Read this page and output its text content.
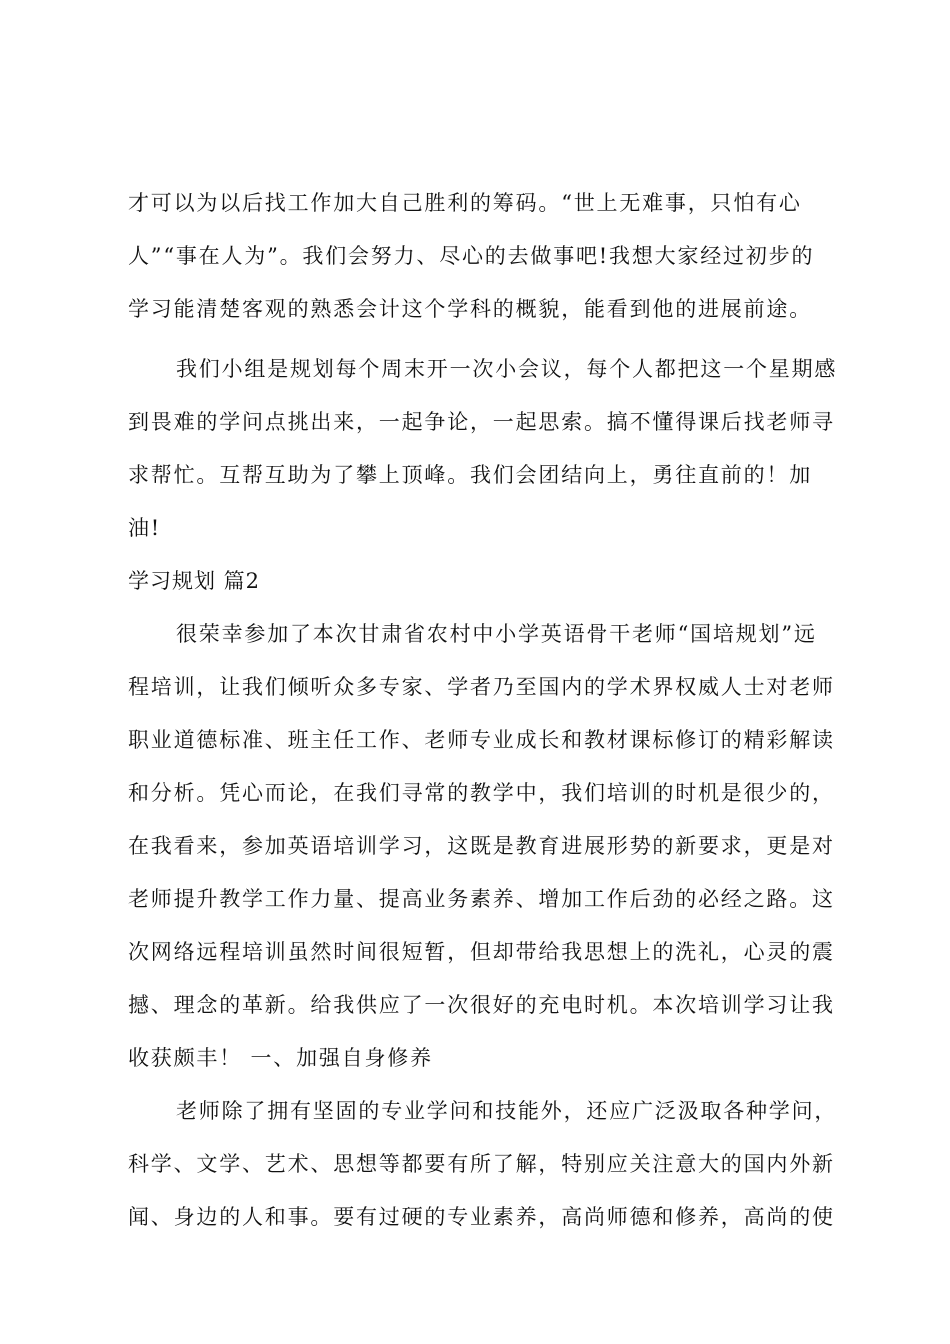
才可以为以后找工作加大自己胜利的筹码。“世上无难事，只怕有心
人”“事在人为”。我们会努力、尽心的去做事吧!我想大家经过初步的
学习能清楚客观的熟悉会计这个学科的概貌，能看到他的进展前途。
我们小组是规划每个周末开一次小会议，每个人都把这一个星期感
到畏难的学问点挑出来，一起争论，一起思索。搞不懂得课后找老师寻
求帮忙。互帮互助为了攀上顶峰。我们会团结向上，勇往直前的！加
油!
学习规划 篇2
很荣幸参加了本次甘肃省农村中小学英语骨干老师“国培规划”远
程培训，让我们倾听众多专家、学者乃至国内的学术界权威人士对老师
职业道德标准、班主任工作、老师专业成长和教材课标修订的精彩解读
和分析。凭心而论，在我们寻常的教学中，我们培训的时机是很少的，
在我看来，参加英语培训学习，这既是教育进展形势的新要求，更是对
老师提升教学工作力量、提高业务素养、增加工作后劲的必经之路。这
次网络远程培训虽然时间很短暂，但却带给我思想上的洗礼，心灵的震
撼、理念的革新。给我供应了一次很好的充电时机。本次培训学习让我
收获颇丰！ 一、加强自身修养
老师除了拥有坚固的专业学问和技能外，还应广泛汲取各种学问，
科学、文学、艺术、思想等都要有所了解，特别应关注意大的国内外新
闻、身边的人和事。要有过硬的专业素养，高尚师德和修养，高尚的使
